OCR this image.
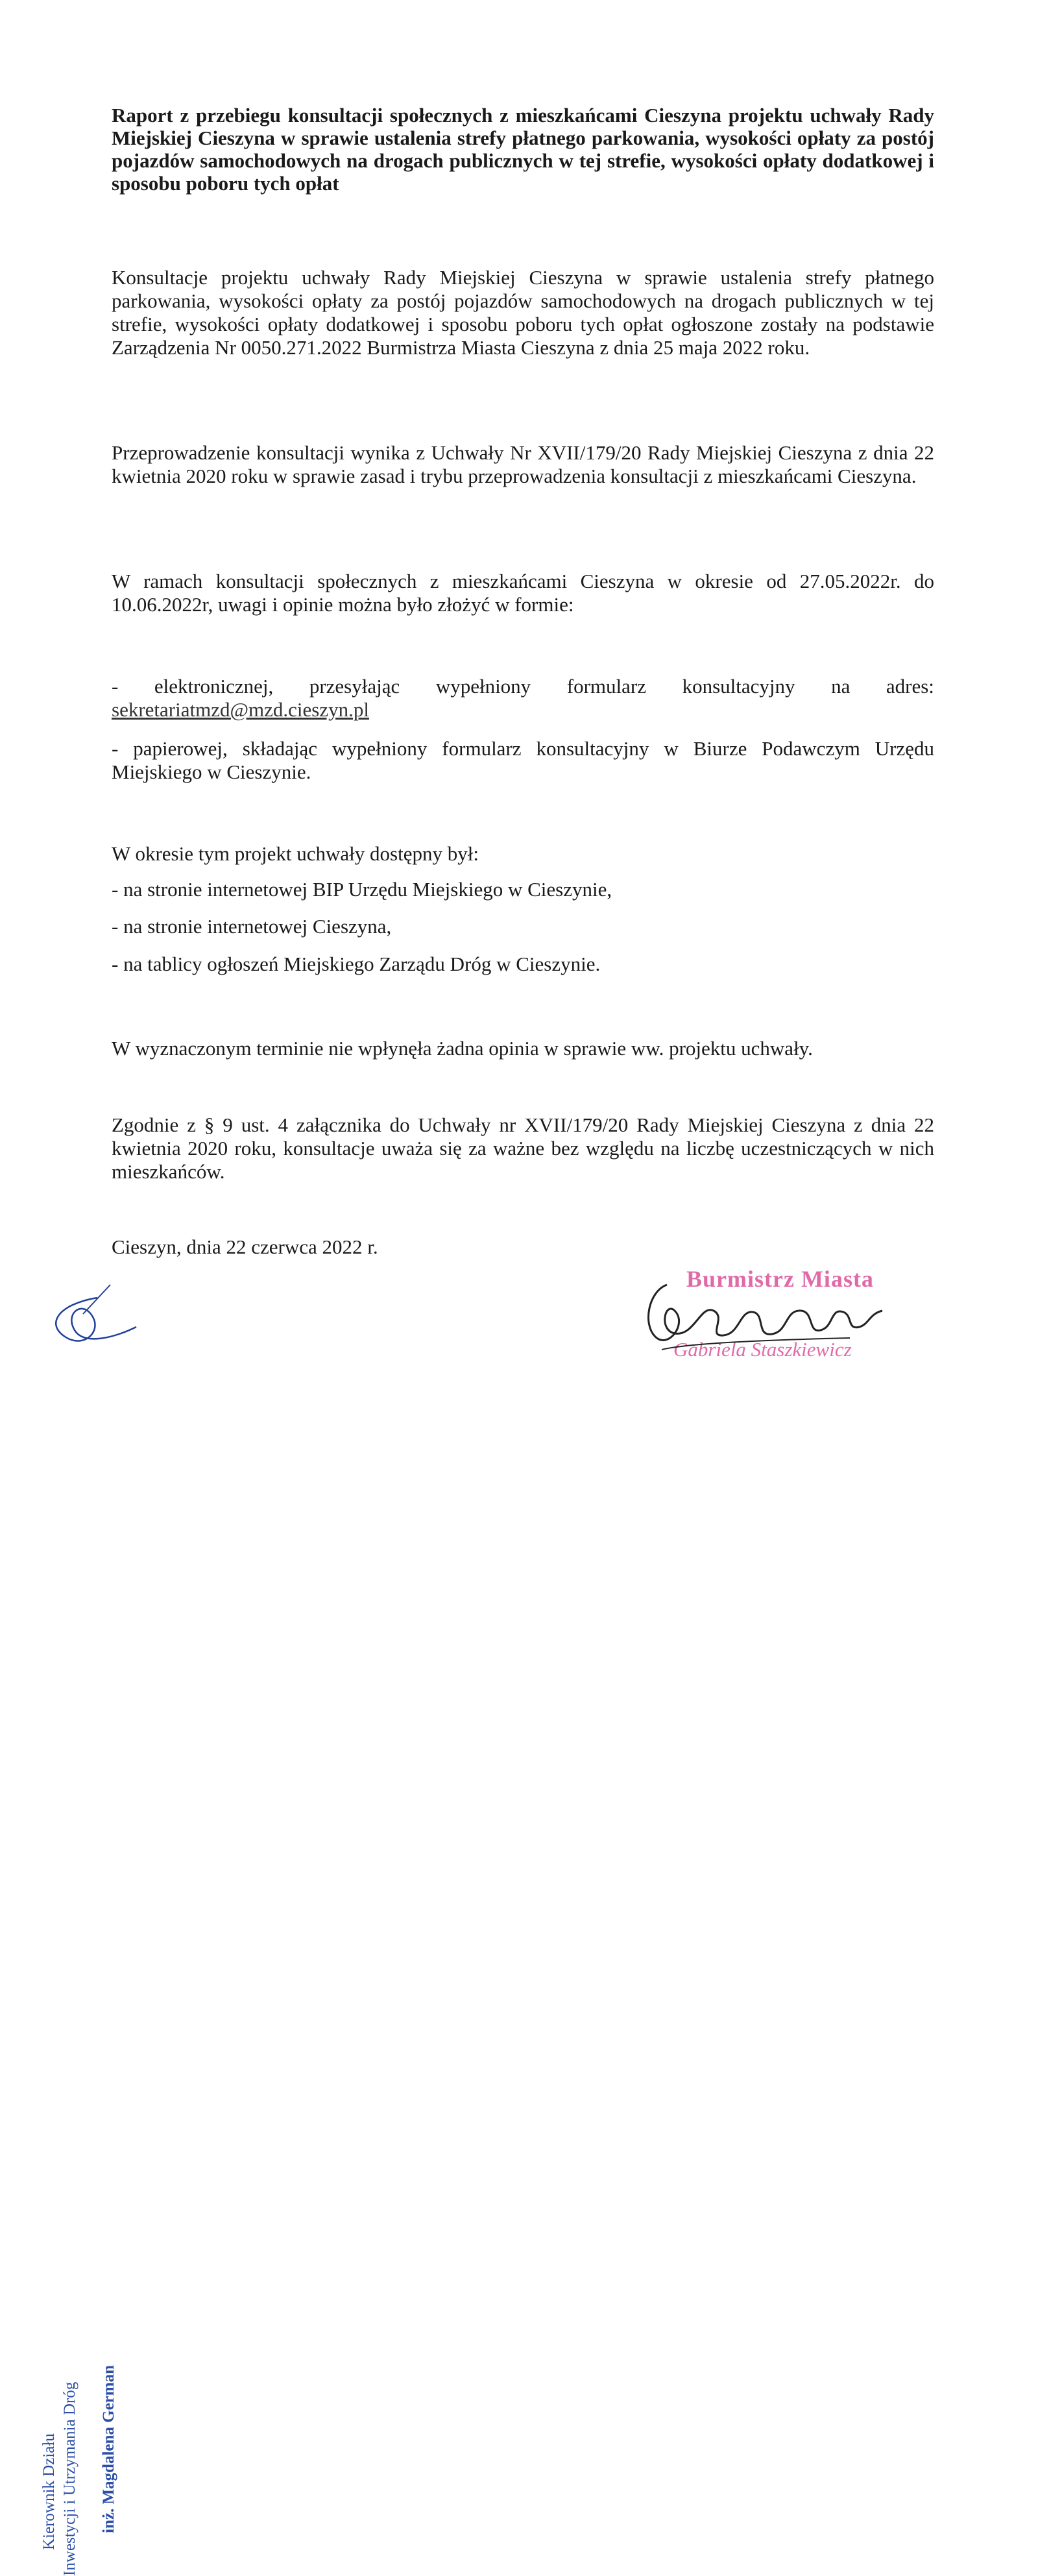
Raport z przebiegu konsultacji społecznych z mieszkańcami Cieszyna projektu uchwały Rady Miejskiej Cieszyna w sprawie ustalenia strefy płatnego parkowania, wysokości opłaty za postój pojazdów samochodowych na drogach publicznych w tej strefie, wysokości opłaty dodatkowej i sposobu poboru tych opłat
Konsultacje projektu uchwały Rady Miejskiej Cieszyna w sprawie ustalenia strefy płatnego parkowania, wysokości opłaty za postój pojazdów samochodowych na drogach publicznych w tej strefie, wysokości opłaty dodatkowej i sposobu poboru tych opłat ogłoszone zostały na podstawie Zarządzenia Nr 0050.271.2022 Burmistrza Miasta Cieszyna z dnia 25 maja 2022 roku.
Przeprowadzenie konsultacji wynika z Uchwały Nr XVII/179/20 Rady Miejskiej Cieszyna z dnia 22 kwietnia 2020 roku w sprawie zasad i trybu przeprowadzenia konsultacji z mieszkańcami Cieszyna.
W ramach konsultacji społecznych z mieszkańcami Cieszyna w okresie od 27.05.2022r. do 10.06.2022r, uwagi i opinie można było złożyć w formie:
- elektronicznej, przesyłając wypełniony formularz konsultacyjny na adres:
sekretariatmzd@mzd.cieszyn.pl
- papierowej, składając wypełniony formularz konsultacyjny w Biurze Podawczym Urzędu Miejskiego w Cieszynie.
W okresie tym projekt uchwały dostępny był:
- na stronie internetowej BIP Urzędu Miejskiego w Cieszynie,
- na stronie internetowej Cieszyna,
- na tablicy ogłoszeń Miejskiego Zarządu Dróg w Cieszynie.
W wyznaczonym terminie nie wpłynęła żadna opinia w sprawie ww. projektu uchwały.
Zgodnie z § 9 ust. 4 załącznika do Uchwały nr XVII/179/20 Rady Miejskiej Cieszyna z dnia 22 kwietnia 2020 roku, konsultacje uważa się za ważne bez względu na liczbę uczestniczących w nich mieszkańców.
Cieszyn, dnia 22 czerwca 2022 r.
Kierownik Działu Inwestycji i Utrzymania Dróg inż. Magdalena German
Burmistrz Miasta
Gabriela Staszkiewicz
